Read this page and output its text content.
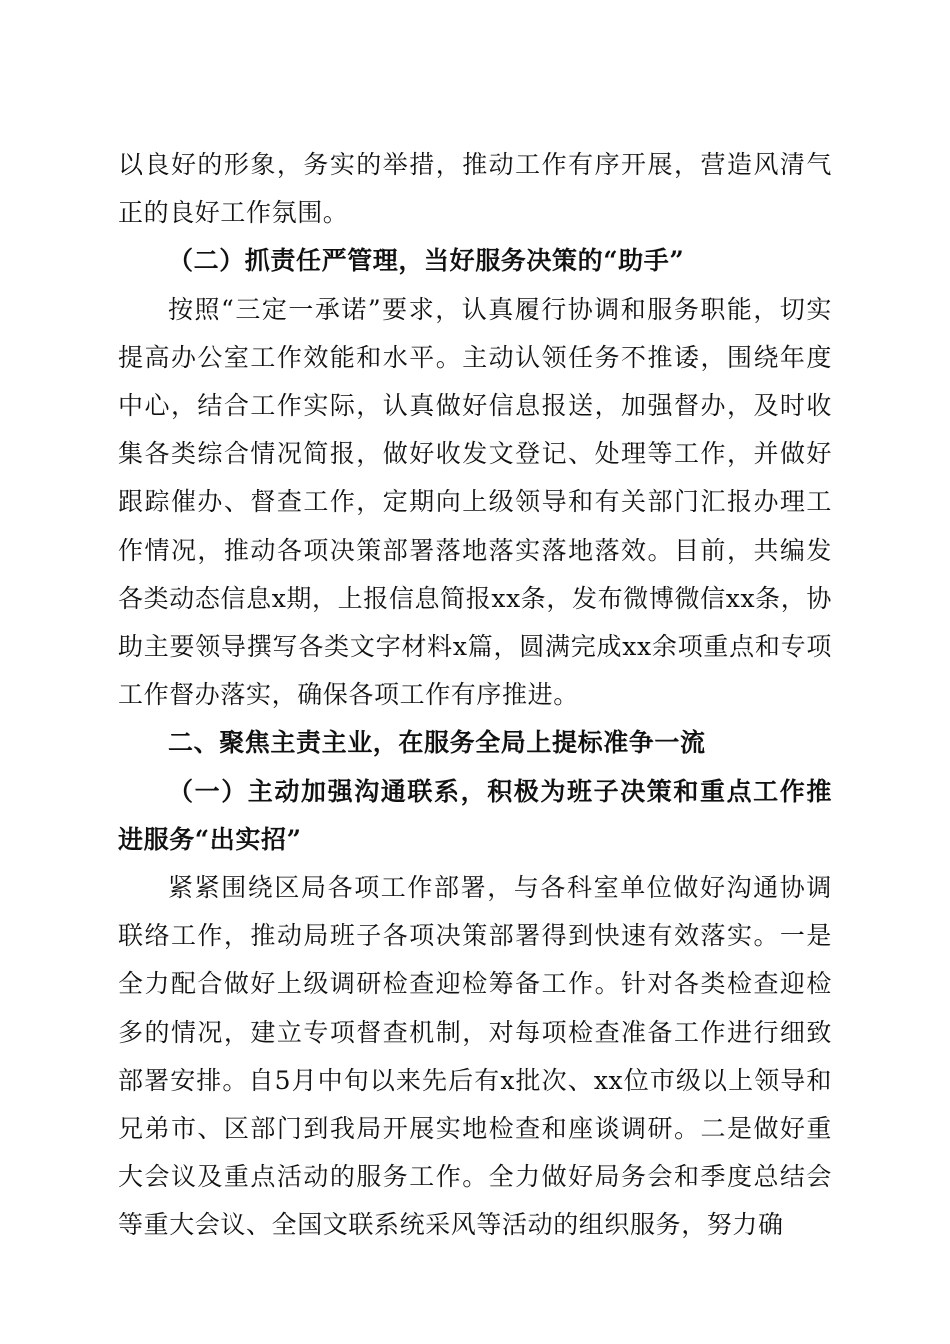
以良好的形象，务实的举措，推动工作有序开展，营造风清气正的良好工作氛围。

（二）抓责任严管理，当好服务决策的“助手”

按照“三定一承诺”要求，认真履行协调和服务职能，切实提高办公室工作效能和水平。主动认领任务不推诿，围绕年度中心，结合工作实际，认真做好信息报送，加强督办，及时收集各类综合情况简报，做好收发文登记、处理等工作，并做好跟踪催办、督查工作，定期向上级领导和有关部门汇报办理工作情况，推动各项决策部署落地落实落地落效。目前，共编发各类动态信息x期，上报信息简报xx条，发布微博微信xx条，协助主要领导撰写各类文字材料x篇，圆满完成xx余项重点和专项工作督办落实，确保各项工作有序推进。

二、聚焦主责主业，在服务全局上提标准争一流

（一）主动加强沟通联系，积极为班子决策和重点工作推进服务“出实招”

紧紧围绕区局各项工作部署，与各科室单位做好沟通协调联络工作，推动局班子各项决策部署得到快速有效落实。一是全力配合做好上级调研检查迎检筹备工作。针对各类检查迎检多的情况，建立专项督查机制，对每项检查准备工作进行细致部署安排。自5月中旬以来先后有x批次、xx位市级以上领导和兄弟市、区部门到我局开展实地检查和座谈调研。二是做好重大会议及重点活动的服务工作。全力做好局务会和季度总结会等重大会议、全国文联系统采风等活动的组织服务，努力确
